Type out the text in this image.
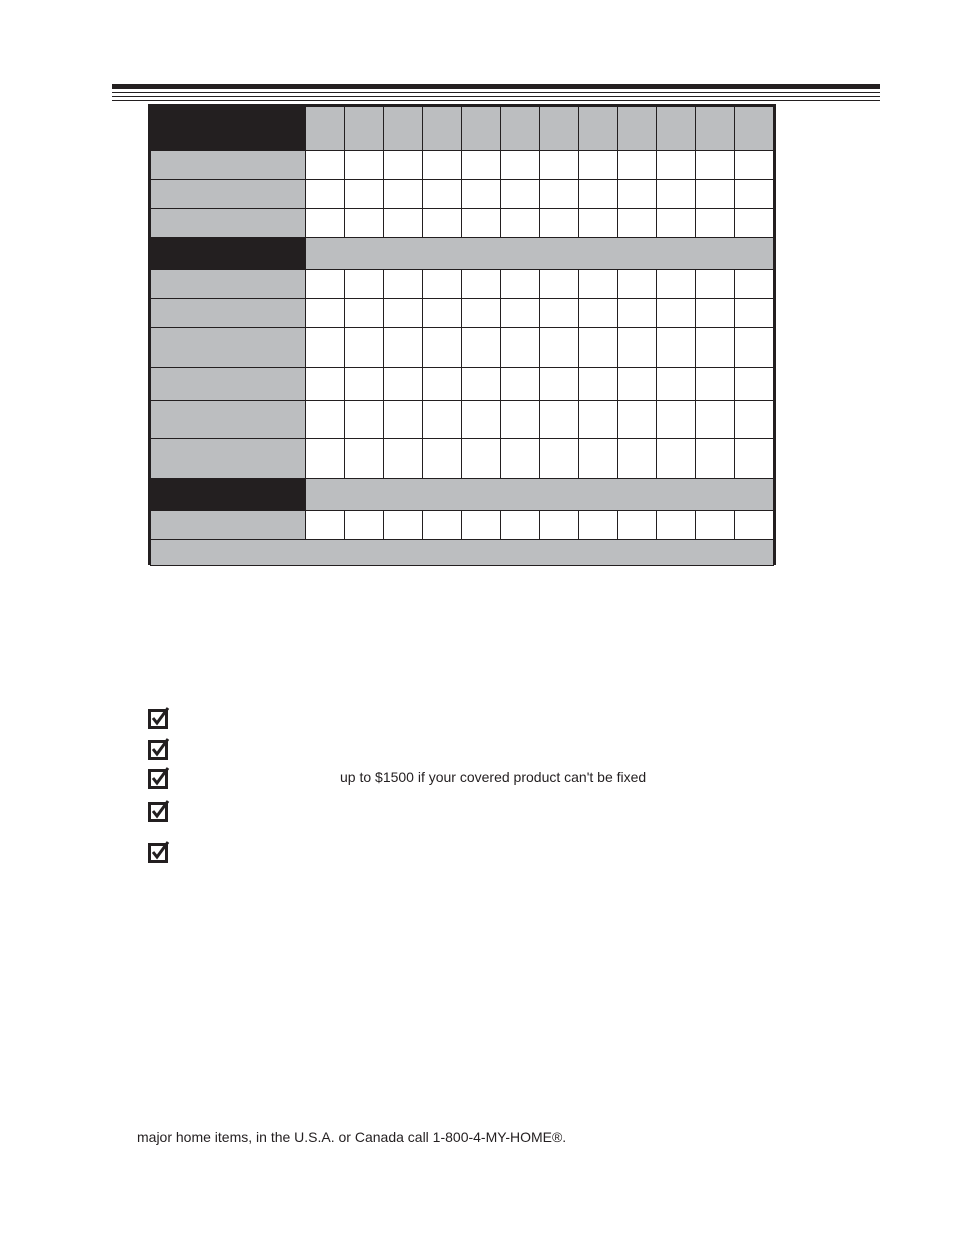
up to $1500 if your covered product can't be fixed
major home items, in the U.S.A. or Canada call 1-800-4-MY-HOME®.
